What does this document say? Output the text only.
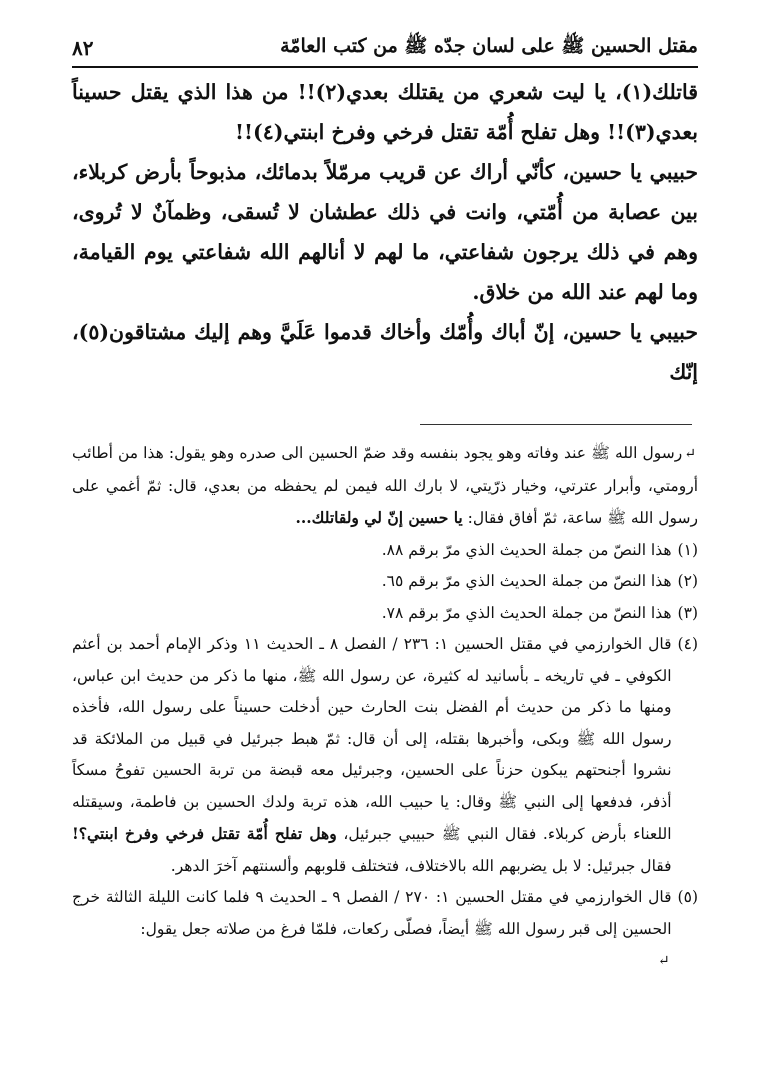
مقتل الحسين ﷺ على لسان جدّه ﷺ من كتب العامّة
٨٢

قاتلك(١)، يا ليت شعري من يقتلك بعدي(٢)!! من هذا الذي يقتل حسيناً بعدي(٣)!! وهل تفلح أُمّة تقتل فرخي وفرخ ابنتي(٤)!!

حبيبي يا حسين، كأنّي أراك عن قريب مرمّلاً بدمائك، مذبوحاً بأرض كربلاء، بين عصابة من أُمّتي، وانت في ذلك عطشان لا تُسقى، وظمآنٌ لا تُروى، وهم في ذلك يرجون شفاعتي، ما لهم لا أنالهم الله شفاعتي يوم القيامة، وما لهم عند الله من خلاق.

حبيبي يا حسين، إنّ أباك وأُمّك وأخاك قدموا عَلَيَّ وهم إليك مشتاقون(٥)، إنّك

↵رسول الله ﷺ عند وفاته وهو يجود بنفسه وقد ضمّ الحسين الى صدره وهو يقول: هذا من أطائب أرومتي، وأبرار عترتي، وخيار ذرّيتي، لا بارك الله فيمن لم يحفظه من بعدي، قال: ثمّ أغمي على رسول الله ﷺ ساعة، ثمّ أفاق فقال: يا حسين إنّ لي ولقاتلك...

(١)
هذا النصّ من جملة الحديث الذي مرّ برقم ٨٨.
(٢)
هذا النصّ من جملة الحديث الذي مرّ برقم ٦٥.
(٣)
هذا النصّ من جملة الحديث الذي مرّ برقم ٧٨.
(٤)

قال الخوارزمي في مقتل الحسين ١: ٢٣٦ / الفصل ٨ ـ الحديث ١١ وذكر الإمام أحمد بن أعثم الكوفي ـ في تاريخه ـ بأسانيد له كثيرة، عن رسول الله ﷺ، منها ما ذكر من حديث ابن عباس، ومنها ما ذكر من حديث أم الفضل بنت الحارث حين أدخلت حسيناً على رسول الله، فأخذه رسول الله ﷺ وبكى، وأخبرها بقتله، إلى أن قال: ثمّ هبط جبرئيل في قبيل من الملائكة قد نشروا أجنحتهم يبكون حزناً على الحسين، وجبرئيل معه قبضة من تربة الحسين تفوحُ مسكاً أذفر، فدفعها إلى النبي ﷺ وقال: يا حبيب الله، هذه تربة ولدك الحسين بن فاطمة، وسيقتله اللعناء بأرض كربلاء. فقال النبي ﷺ حبيبي جبرئيل، وهل تفلح أُمّة تقتل فرخي وفرخ ابنتي؟! فقال جبرئيل: لا بل يضربهم الله بالاختلاف، فتختلف قلوبهم وألسنتهم آخرَ الدهر.

(٥)

قال الخوارزمي في مقتل الحسين ١: ٢٧٠ / الفصل ٩ ـ الحديث ٩ فلما كانت الليلة الثالثة خرج الحسين إلى قبر رسول الله ﷺ أيضاً، فصلّى ركعات، فلمّا فرغ من صلاته جعل يقول:
↵
